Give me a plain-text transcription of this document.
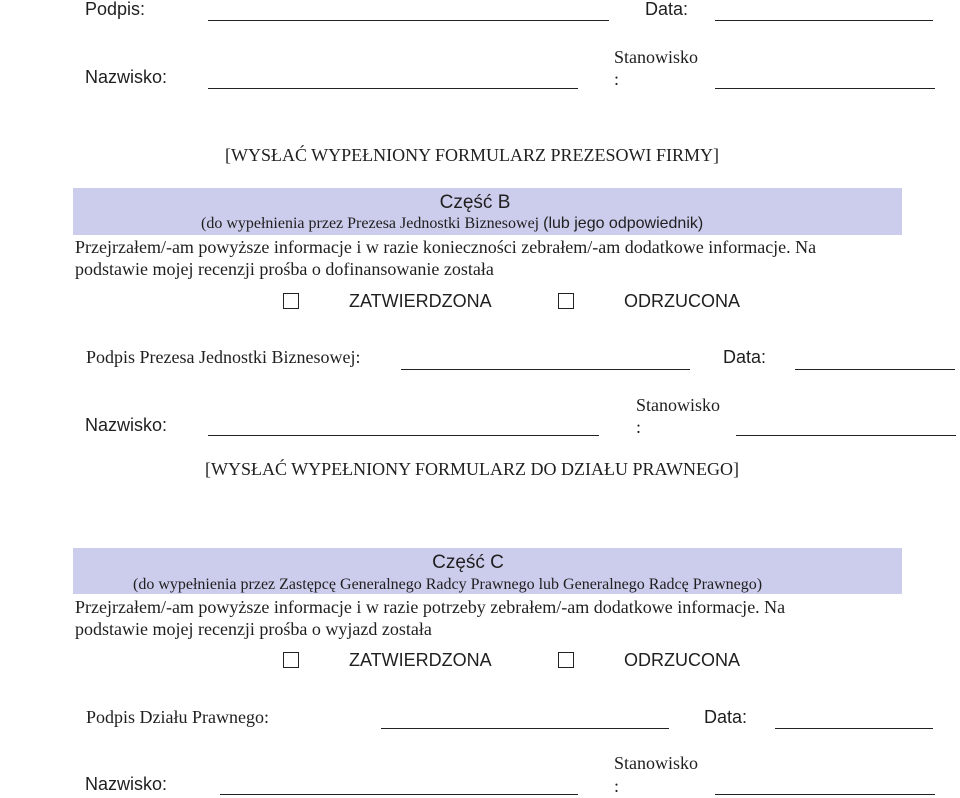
Podpis:	Data:
Nazwisko:
Stanowisko
:
[WYSŁAĆ WYPEŁNIONY FORMULARZ PREZESOWI FIRMY]
Część B
(do wypełnienia przez Prezesa Jednostki Biznesowej (lub jego odpowiednik)
Przejrzałem/-am powyższe informacje i w razie konieczności zebrałem/-am dodatkowe informacje. Na
podstawie mojej recenzji prośba o dofinansowanie została
ZATWIERDZONA	ODRZUCONA
Podpis Prezesa Jednostki Biznesowej:	Data:
Nazwisko:
Stanowisko
:
[WYSŁAĆ WYPEŁNIONY FORMULARZ DO DZIAŁU PRAWNEGO]
Część C
(do wypełnienia przez Zastępcę Generalnego Radcy Prawnego lub Generalnego Radcę Prawnego)
Przejrzałem/-am powyższe informacje i w razie potrzeby zebrałem/-am dodatkowe informacje. Na
podstawie mojej recenzji prośba o wyjazd została
ZATWIERDZONA	ODRZUCONA
Podpis Działu Prawnego:	Data:
Nazwisko:
Stanowisko
:
